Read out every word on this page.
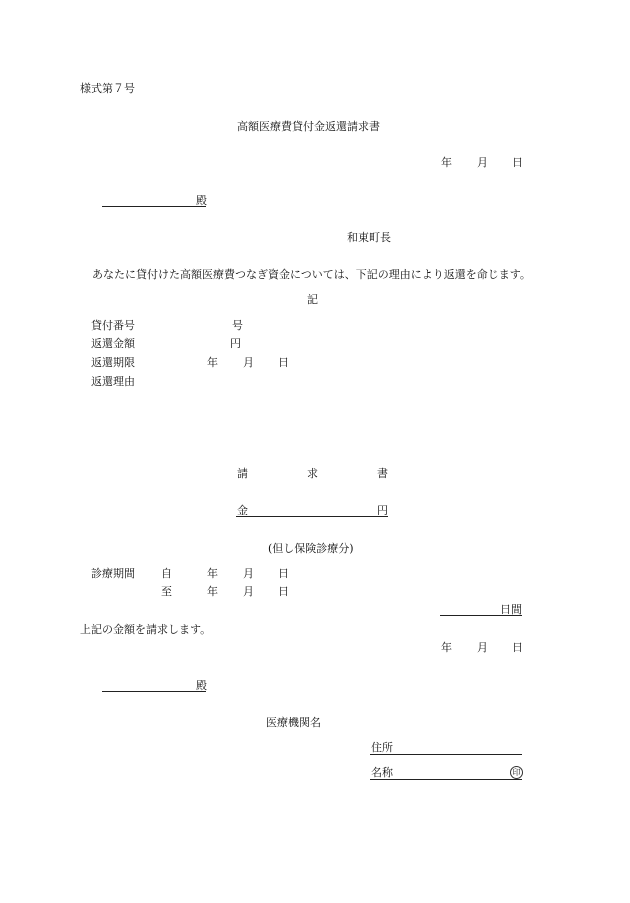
様式第７号
高額医療費貸付金返還請求書
年 月 日
殿
和東町長
あなたに貸付けた高額医療費つなぎ資金については、下記の理由により返還を命じます。
記
貸付番号	号
返還金額	円
返還期限	年 月 日
返還理由
請	求	書
金	円
(但し保険診療分)
診療期間 自	年 月 日
至	年 月 日
日間
上記の金額を請求します。
年 月 日
殿
医療機関名
住所
名称	印
